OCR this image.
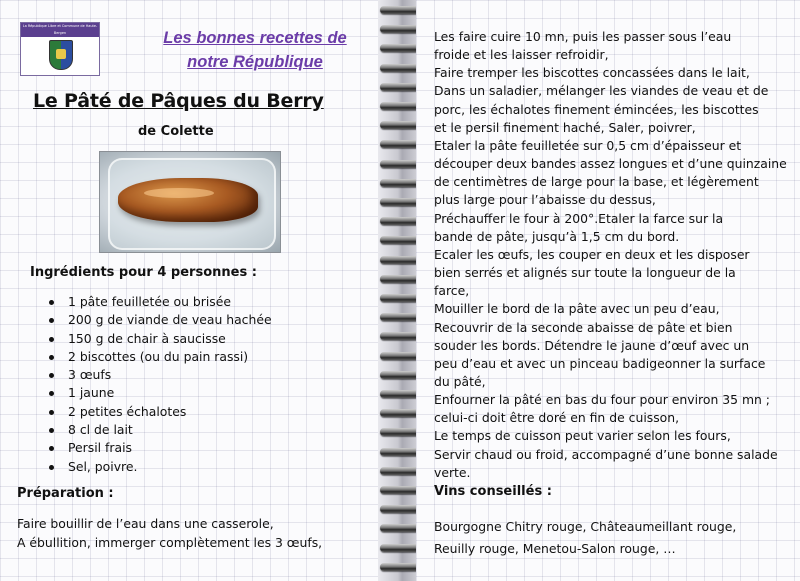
La République Libre et Commune de Haute-Bergen	Les bonnes recettes de
notre République
Le Pâté de Pâques du Berry
de Colette
Ingrédients pour 4 personnes :
1 pâte feuilletée ou brisée
200 g de viande de veau hachée
150 g de chair à saucisse
2 biscottes (ou du pain rassi)
3 œufs
1 jaune
2 petites échalotes
8 cl de lait
Persil frais
Sel, poivre.
Préparation :
Faire bouillir de l’eau dans une casserole,
A ébullition, immerger complètement les 3 œufs,
Les faire cuire 10 mn, puis les passer sous l’eau
froide et les laisser refroidir,
Faire tremper les biscottes concassées dans le lait,
Dans un saladier, mélanger les viandes de veau et de
porc, les échalotes finement émincées, les biscottes
et le persil finement haché, Saler, poivrer,
Etaler la pâte feuilletée sur 0,5 cm d’épaisseur et
découper deux bandes assez longues et d’une quinzaine
de centimètres de large pour la base, et légèrement
plus large pour l’abaisse du dessus,
Préchauffer le four à 200°.Etaler la farce sur la
bande de pâte, jusqu’à 1,5 cm du bord.
Ecaler les œufs, les couper en deux et les disposer
bien serrés et alignés sur toute la longueur de la
farce,
Mouiller le bord de la pâte avec un peu d’eau,
Recouvrir de la seconde abaisse de pâte et bien
souder les bords. Détendre le jaune d’œuf avec un
peu d’eau et avec un pinceau badigeonner la surface
du pâté,
Enfourner la pâté en bas du four pour environ 35 mn ;
celui-ci doit être doré en fin de cuisson,
Le temps de cuisson peut varier selon les fours,
Servir chaud ou froid, accompagné d’une bonne salade
verte.
Vins conseillés :
Bourgogne Chitry rouge, Châteaumeillant rouge,
Reuilly rouge, Menetou-Salon rouge, …
